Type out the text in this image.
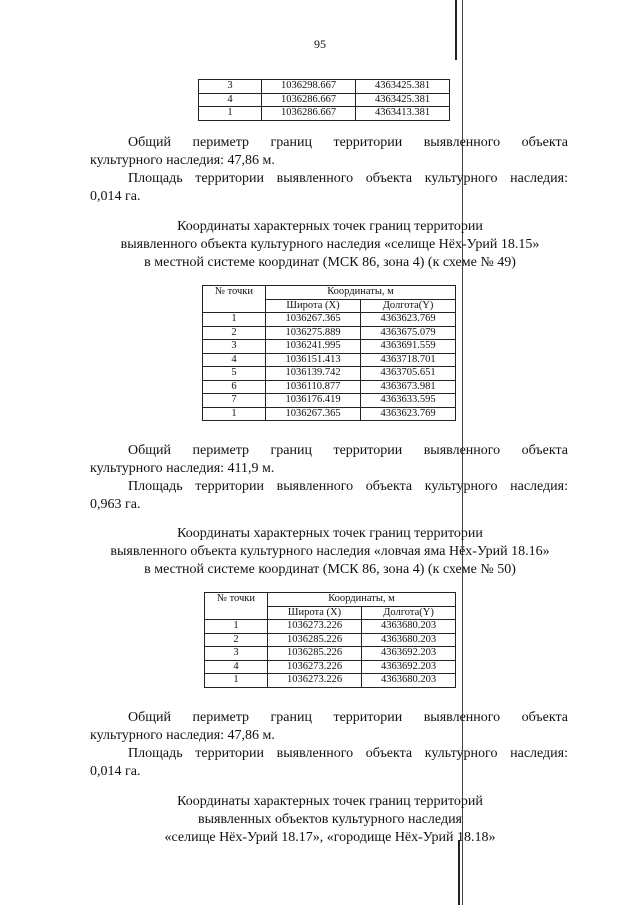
95
3	1036298.667	4363425.381
4	1036286.667	4363425.381
1	1036286.667	4363413.381

Общий периметр границ территории выявленного объекта

культурного наследия: 47,86 м.

Площадь территории выявленного объекта культурного наследия:

0,014 га.

Координаты характерных точек границ территории
выявленного объекта культурного наследия «селище Нёх-Урий 18.15»
в местной системе координат (МСК 86, зона 4) (к схеме № 49)
№ точки	Координаты, м	
	Широта (X)	Долгота(Y)
1	1036267.365	4363623.769
2	1036275.889	4363675.079
3	1036241.995	4363691.559
4	1036151.413	4363718.701
5	1036139.742	4363705.651
6	1036110.877	4363673.981
7	1036176.419	4363633.595
1	1036267.365	4363623.769

Общий периметр границ территории выявленного объекта

культурного наследия: 411,9 м.

Площадь территории выявленного объекта культурного наследия:

0,963 га.

Координаты характерных точек границ территории
выявленного объекта культурного наследия «ловчая яма Нёх-Урий 18.16»
в местной системе координат (МСК 86, зона 4) (к схеме № 50)
№ точки	Координаты, м	
	Широта (X)	Долгота(Y)
1	1036273.226	4363680.203
2	1036285.226	4363680.203
3	1036285.226	4363692.203
4	1036273.226	4363692.203
1	1036273.226	4363680.203

Общий периметр границ территории выявленного объекта

культурного наследия: 47,86 м.

Площадь территории выявленного объекта культурного наследия:

0,014 га.

Координаты характерных точек границ территорий
выявленных объектов культурного наследия
«селище Нёх-Урий 18.17», «городище Нёх-Урий 18.18»
